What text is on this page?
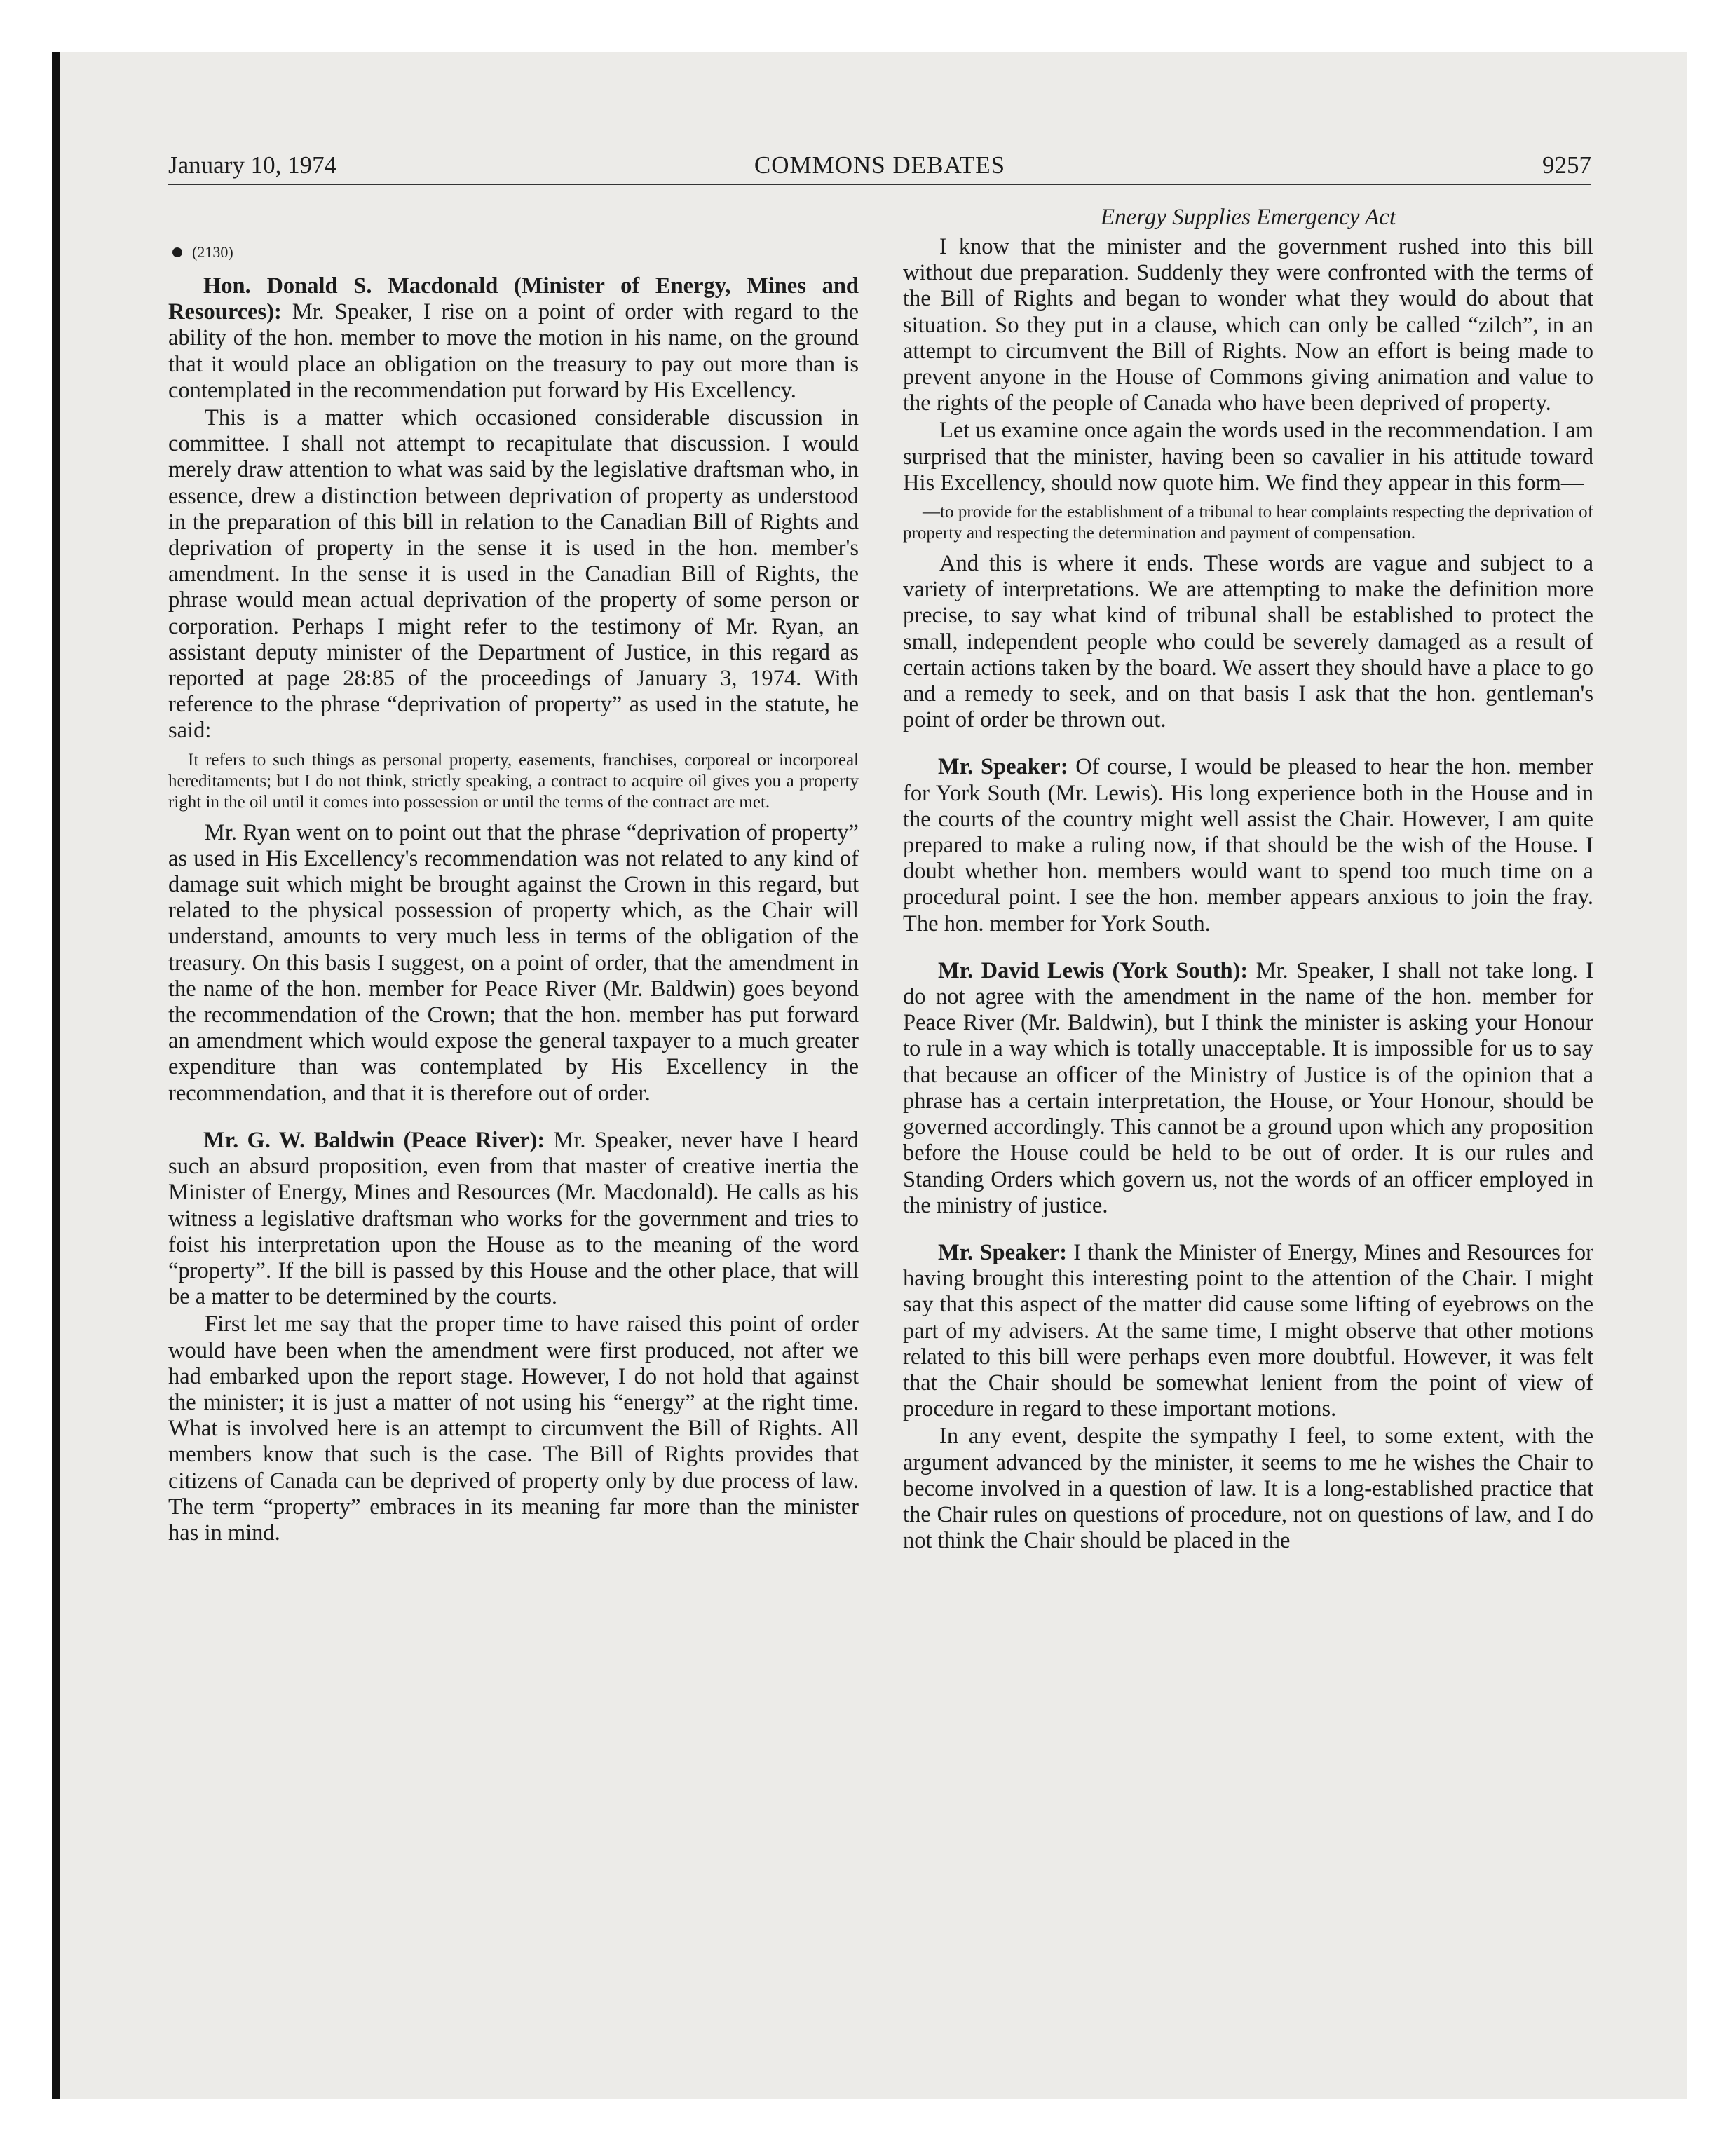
COMMONS DEBATES
January 10, 1974	9257
(2130)

Hon. Donald S. Macdonald (Minister of Energy, Mines and Resources): Mr. Speaker, I rise on a point of order with regard to the ability of the hon. member to move the motion in his name, on the ground that it would place an obligation on the treasury to pay out more than is contemplated in the recommendation put forward by His Excellency.

This is a matter which occasioned considerable discussion in committee. I shall not attempt to recapitulate that discussion. I would merely draw attention to what was said by the legislative draftsman who, in essence, drew a distinction between deprivation of property as understood in the preparation of this bill in relation to the Canadian Bill of Rights and deprivation of property in the sense it is used in the hon. member's amendment. In the sense it is used in the Canadian Bill of Rights, the phrase would mean actual deprivation of the property of some person or corporation. Perhaps I might refer to the testimony of Mr. Ryan, an assistant deputy minister of the Department of Justice, in this regard as reported at page 28:85 of the proceedings of January 3, 1974. With reference to the phrase “deprivation of property” as used in the statute, he said:

It refers to such things as personal property, easements, franchises, corporeal or incorporeal hereditaments; but I do not think, strictly speaking, a contract to acquire oil gives you a property right in the oil until it comes into possession or until the terms of the contract are met.

Mr. Ryan went on to point out that the phrase “deprivation of property” as used in His Excellency's recommendation was not related to any kind of damage suit which might be brought against the Crown in this regard, but related to the physical possession of property which, as the Chair will understand, amounts to very much less in terms of the obligation of the treasury. On this basis I suggest, on a point of order, that the amendment in the name of the hon. member for Peace River (Mr. Baldwin) goes beyond the recommendation of the Crown; that the hon. member has put forward an amendment which would expose the general taxpayer to a much greater expenditure than was contemplated by His Excellency in the recommendation, and that it is therefore out of order.

Mr. G. W. Baldwin (Peace River): Mr. Speaker, never have I heard such an absurd proposition, even from that master of creative inertia the Minister of Energy, Mines and Resources (Mr. Macdonald). He calls as his witness a legislative draftsman who works for the government and tries to foist his interpretation upon the House as to the meaning of the word “property”. If the bill is passed by this House and the other place, that will be a matter to be determined by the courts.

First let me say that the proper time to have raised this point of order would have been when the amendment were first produced, not after we had embarked upon the report stage. However, I do not hold that against the minister; it is just a matter of not using his “energy” at the right time. What is involved here is an attempt to circumvent the Bill of Rights. All members know that such is the case. The Bill of Rights provides that citizens of Canada can be deprived of property only by due process of law. The term “property” embraces in its meaning far more than the minister has in mind.

Energy Supplies Emergency Act

I know that the minister and the government rushed into this bill without due preparation. Suddenly they were confronted with the terms of the Bill of Rights and began to wonder what they would do about that situation. So they put in a clause, which can only be called “zilch”, in an attempt to circumvent the Bill of Rights. Now an effort is being made to prevent anyone in the House of Commons giving animation and value to the rights of the people of Canada who have been deprived of property.

Let us examine once again the words used in the recommendation. I am surprised that the minister, having been so cavalier in his attitude toward His Excellency, should now quote him. We find they appear in this form—

—to provide for the establishment of a tribunal to hear complaints respecting the deprivation of property and respecting the determination and payment of compensation.

And this is where it ends. These words are vague and subject to a variety of interpretations. We are attempting to make the definition more precise, to say what kind of tribunal shall be established to protect the small, independent people who could be severely damaged as a result of certain actions taken by the board. We assert they should have a place to go and a remedy to seek, and on that basis I ask that the hon. gentleman's point of order be thrown out.

Mr. Speaker: Of course, I would be pleased to hear the hon. member for York South (Mr. Lewis). His long experience both in the House and in the courts of the country might well assist the Chair. However, I am quite prepared to make a ruling now, if that should be the wish of the House. I doubt whether hon. members would want to spend too much time on a procedural point. I see the hon. member appears anxious to join the fray. The hon. member for York South.

Mr. David Lewis (York South): Mr. Speaker, I shall not take long. I do not agree with the amendment in the name of the hon. member for Peace River (Mr. Baldwin), but I think the minister is asking your Honour to rule in a way which is totally unacceptable. It is impossible for us to say that because an officer of the Ministry of Justice is of the opinion that a phrase has a certain interpretation, the House, or Your Honour, should be governed accordingly. This cannot be a ground upon which any proposition before the House could be held to be out of order. It is our rules and Standing Orders which govern us, not the words of an officer employed in the ministry of justice.

Mr. Speaker: I thank the Minister of Energy, Mines and Resources for having brought this interesting point to the attention of the Chair. I might say that this aspect of the matter did cause some lifting of eyebrows on the part of my advisers. At the same time, I might observe that other motions related to this bill were perhaps even more doubtful. However, it was felt that the Chair should be somewhat lenient from the point of view of procedure in regard to these important motions.

In any event, despite the sympathy I feel, to some extent, with the argument advanced by the minister, it seems to me he wishes the Chair to become involved in a question of law. It is a long-established practice that the Chair rules on questions of procedure, not on questions of law, and I do not think the Chair should be placed in the
